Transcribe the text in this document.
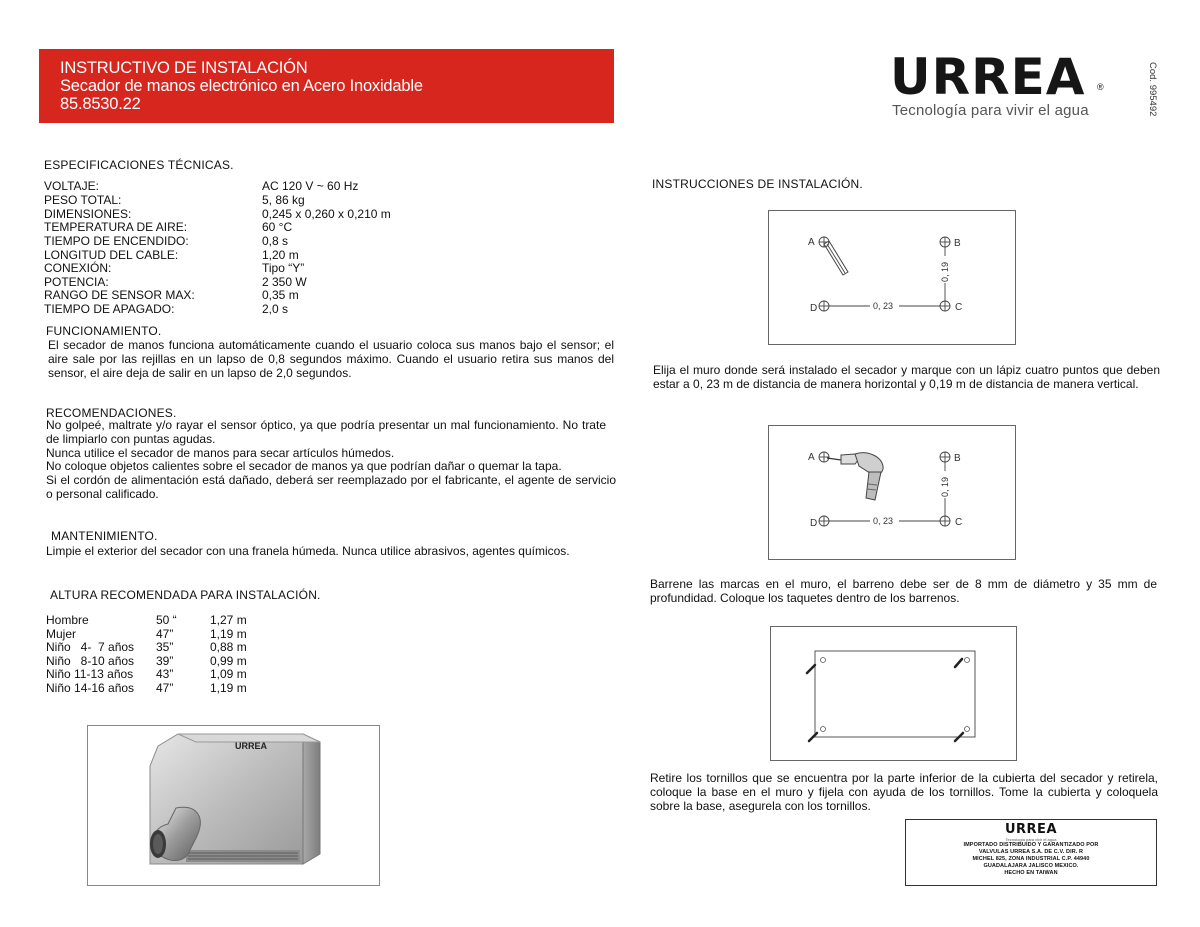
INSTRUCTIVO DE INSTALACIÓN
Secador de manos electrónico en Acero Inoxidable
85.8530.22	URREA ®
Tecnología para vivir el agua	Cod. 995492
ESPECIFICACIONES TÉCNICAS.
VOLTAJE:	AC 120 V ~ 60 Hz
PESO TOTAL:	5, 86 kg
DIMENSIONES:	0,245 x 0,260 x 0,210 m
TEMPERATURA DE AIRE:	60 °C
TIEMPO DE ENCENDIDO:	0,8 s
LONGITUD DEL CABLE:	1,20 m
CONEXIÓN:	Tipo “Y”
POTENCIA:	2 350 W
RANGO DE SENSOR MAX:	0,35 m
TIEMPO DE APAGADO:	2,0 s
FUNCIONAMIENTO.
El secador de manos funciona automáticamente cuando el usuario coloca sus manos bajo el sensor; el aire sale por las rejillas en un lapso de 0,8 segundos máximo. Cuando el usuario retira sus manos del sensor, el aire deja de salir en un lapso de 2,0 segundos.
RECOMENDACIONES.
No golpeé, maltrate y/o rayar el sensor óptico, ya que podría presentar un mal funcionamiento. No trate de limpiarlo con puntas agudas.
Nunca utilice el secador de manos para secar artículos húmedos.
No coloque objetos calientes sobre el secador de manos ya que podrían dañar o quemar la tapa.
Si el cordón de alimentación está dañado, deberá ser reemplazado por el fabricante, el agente de servicio o personal calificado.
MANTENIMIENTO.
Limpie el exterior del secador con una franela húmeda. Nunca utilice abrasivos, agentes químicos.
ALTURA RECOMENDADA PARA INSTALACIÓN.
Hombre	50 “	1,27 m
Mujer	47”	1,19 m
Niño   4-  7 años 35”	0,88 m
Niño   8-10 años 39”	0,99 m
Niño 11-13 años 43”	1,09 m
Niño 14-16 años 47”	1,19 m
URREA
INSTRUCCIONES DE INSTALACIÓN.
A	B
C
D	0, 23
0, 19
Elija el muro donde será instalado el secador y marque con un lápiz cuatro puntos que deben estar a 0, 23 m de distancia de manera horizontal y 0,19 m de distancia de manera vertical.
A	B
C
D	0, 23
0, 19
Barrene las marcas en el muro, el barreno debe ser de 8 mm de diámetro y 35 mm de profundidad. Coloque los taquetes dentro de los barrenos.
Retire los tornillos que se encuentra por la parte inferior de la cubierta del secador y retirela, coloque la base en el muro y fijela con ayuda de los tornillos. Tome la cubierta y coloquela sobre la base, asegurela con los tornillos.
URREA
Tecnología para vivir el agua
IMPORTADO DISTRIBUIDO Y GARANTIZADO POR
VALVULAS URREA S.A. DE C.V. DIR. R
MICHEL 825, ZONA INDUSTRIAL C.P. 44940
GUADALAJARA JALISCO MEXICO.
HECHO EN TAIWAN
